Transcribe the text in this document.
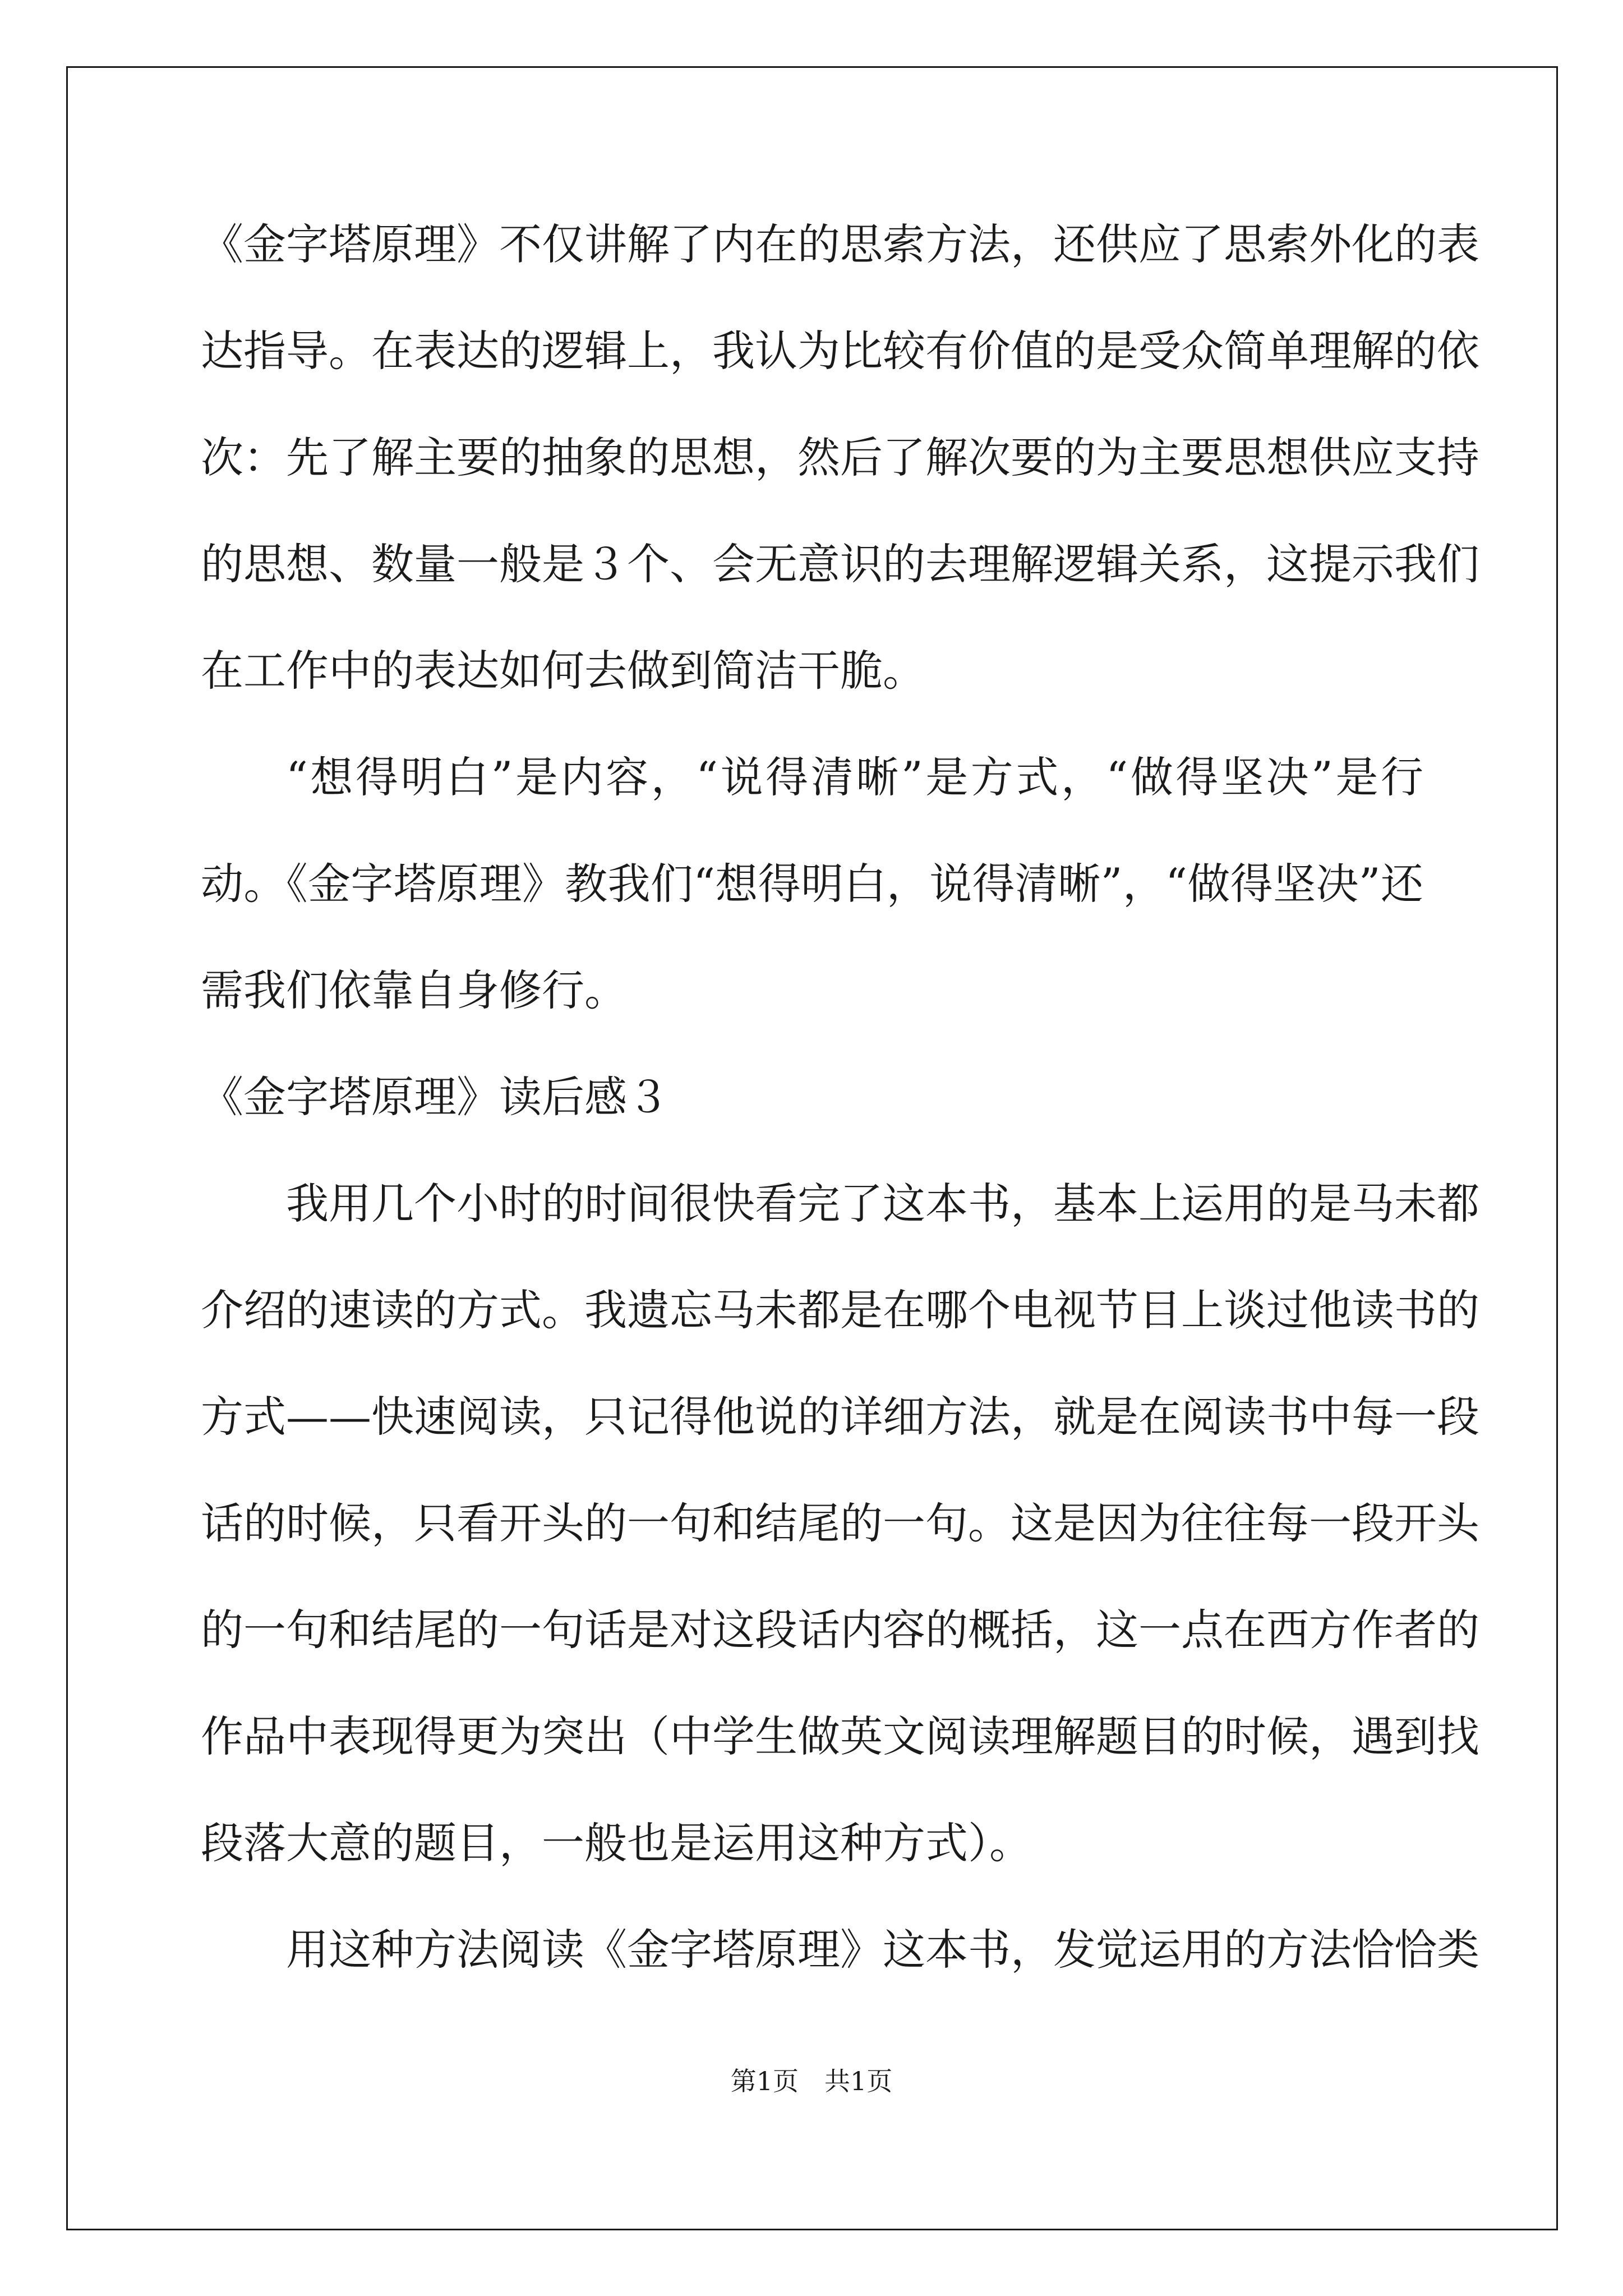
《金字塔原理》不仅讲解了内在的思索方法，还供应了思索外化的表
达指导。在表达的逻辑上，我认为比较有价值的是受众简单理解的依
次：先了解主要的抽象的思想，然后了解次要的为主要思想供应支持
的思想、数量一般是３个、会无意识的去理解逻辑关系，这提示我们
在工作中的表达如何去做到简洁干脆。
“想得明白”是内容，“说得清晰”是方式，“做得坚决”是行
动。《金字塔原理》教我们“想得明白，说得清晰”，“做得坚决”还
需我们依靠自身修行。
《金字塔原理》读后感３
我用几个小时的时间很快看完了这本书，基本上运用的是马未都
介绍的速读的方式。我遗忘马未都是在哪个电视节目上谈过他读书的
方式——快速阅读，只记得他说的详细方法，就是在阅读书中每一段
话的时候，只看开头的一句和结尾的一句。这是因为往往每一段开头
的一句和结尾的一句话是对这段话内容的概括，这一点在西方作者的
作品中表现得更为突出（中学生做英文阅读理解题目的时候，遇到找
段落大意的题目，一般也是运用这种方式）。
用这种方法阅读《金字塔原理》这本书，发觉运用的方法恰恰类
第1页　共1页
